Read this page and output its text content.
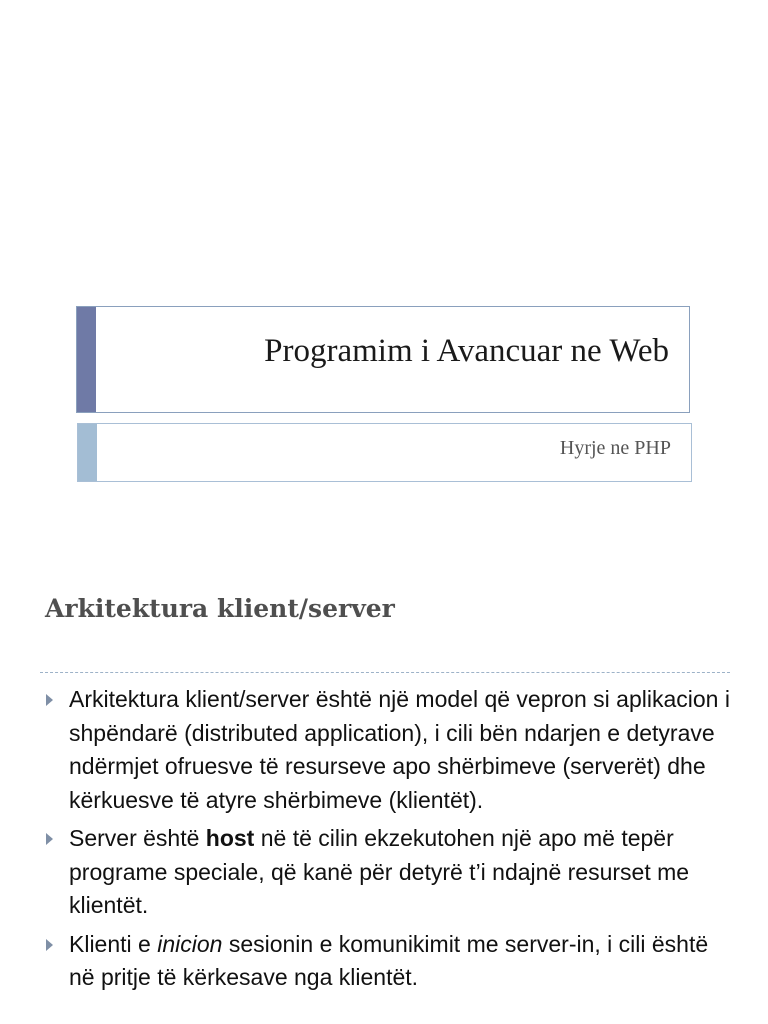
Programim i Avancuar ne Web
Hyrje ne PHP
Arkitektura klient/server
Arkitektura klient/server është një model që vepron si aplikacion i shpëndarë (distributed application), i cili bën ndarjen e detyrave ndërmjet ofruesve të resurseve apo shërbimeve (serverët) dhe kërkuesve të atyre shërbimeve (klientët).
Server është host në të cilin ekzekutohen një apo më tepër programe speciale, që kanë për detyrë t’i ndajnë resurset me klientët.
Klienti e inicion sesionin e komunikimit me server-in, i cili është në pritje të kërkesave nga klientët.
